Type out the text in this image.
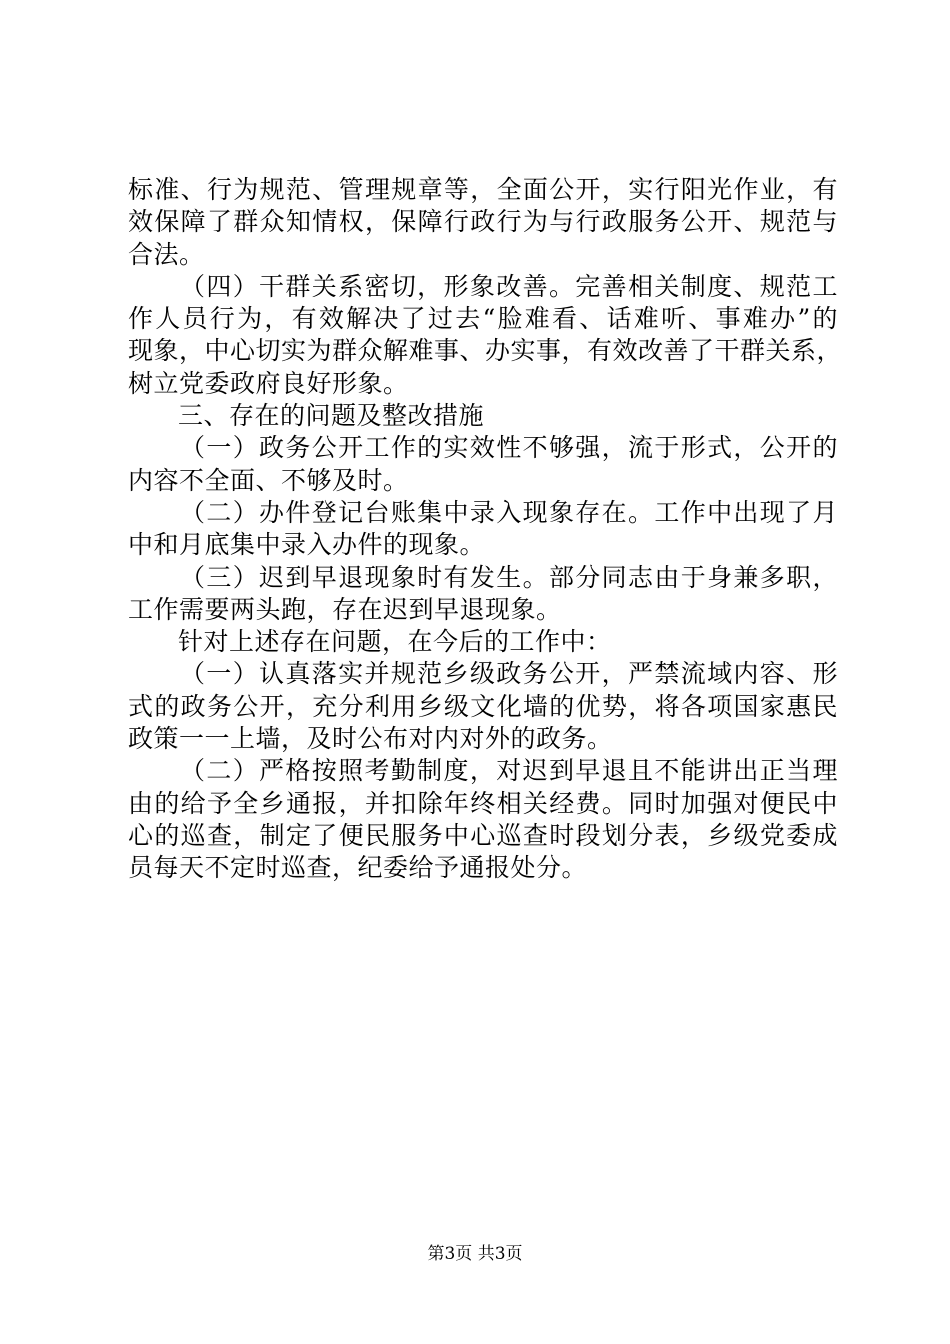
标准、行为规范、管理规章等，全面公开，实行阳光作业，有
效保障了群众知情权，保障行政行为与行政服务公开、规范与
合法。
（四）干群关系密切，形象改善。完善相关制度、规范工
作人员行为，有效解决了过去“脸难看、话难听、事难办”的
现象，中心切实为群众解难事、办实事，有效改善了干群关系，
树立党委政府良好形象。
三、存在的问题及整改措施
（一）政务公开工作的实效性不够强，流于形式，公开的
内容不全面、不够及时。
（二）办件登记台账集中录入现象存在。工作中出现了月
中和月底集中录入办件的现象。
（三）迟到早退现象时有发生。部分同志由于身兼多职，
工作需要两头跑，存在迟到早退现象。
针对上述存在问题，在今后的工作中：
（一）认真落实并规范乡级政务公开，严禁流域内容、形
式的政务公开，充分利用乡级文化墙的优势，将各项国家惠民
政策一一上墙，及时公布对内对外的政务。
（二）严格按照考勤制度，对迟到早退且不能讲出正当理
由的给予全乡通报，并扣除年终相关经费。同时加强对便民中
心的巡查，制定了便民服务中心巡查时段划分表，乡级党委成
员每天不定时巡查，纪委给予通报处分。
第3页 共3页
